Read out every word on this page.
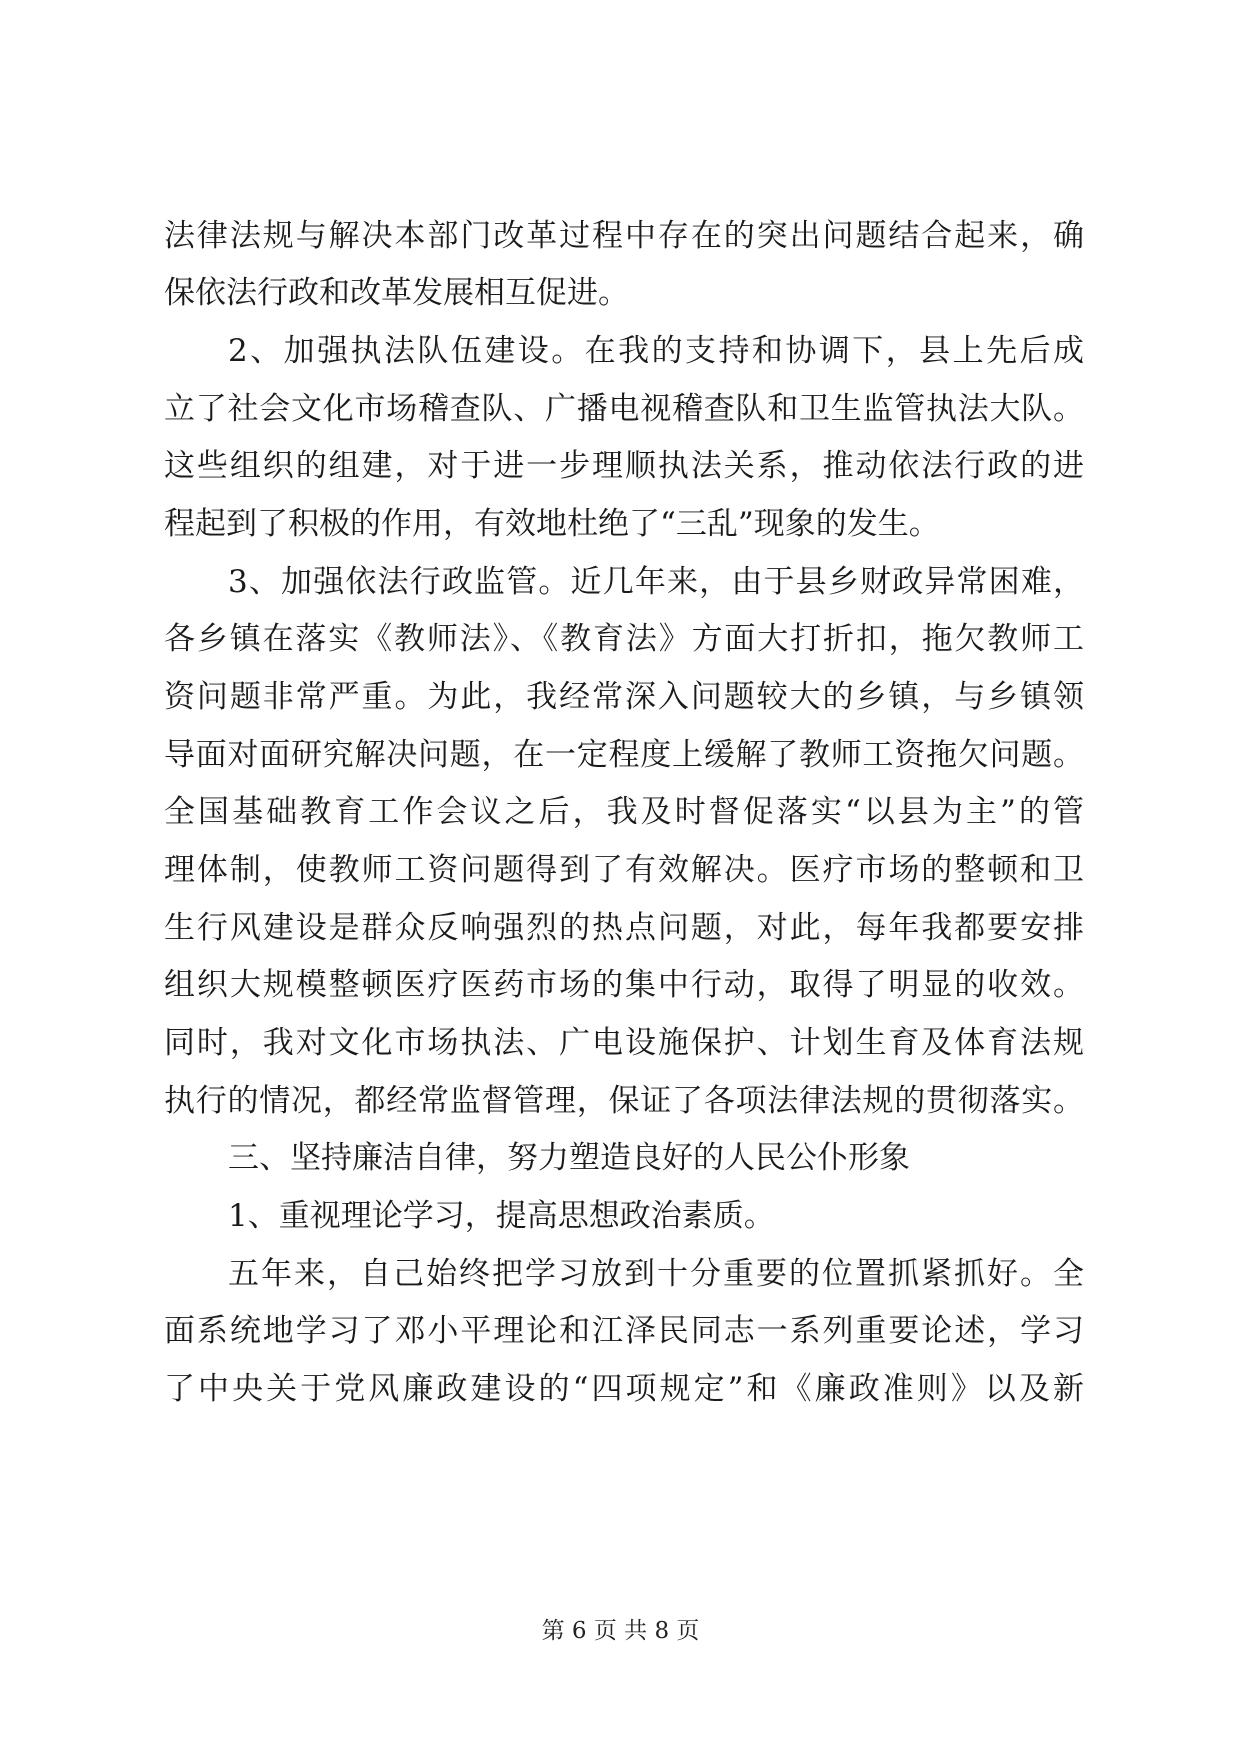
法律法规与解决本部门改革过程中存在的突出问题结合起来，确
保依法行政和改革发展相互促进。
2、加强执法队伍建设。在我的支持和协调下，县上先后成
立了社会文化市场稽查队、广播电视稽查队和卫生监管执法大队。
这些组织的组建，对于进一步理顺执法关系，推动依法行政的进
程起到了积极的作用，有效地杜绝了“三乱”现象的发生。
3、加强依法行政监管。近几年来，由于县乡财政异常困难，
各乡镇在落实《教师法》、《教育法》方面大打折扣，拖欠教师工
资问题非常严重。为此，我经常深入问题较大的乡镇，与乡镇领
导面对面研究解决问题，在一定程度上缓解了教师工资拖欠问题。
全国基础教育工作会议之后，我及时督促落实“以县为主”的管
理体制，使教师工资问题得到了有效解决。医疗市场的整顿和卫
生行风建设是群众反响强烈的热点问题，对此，每年我都要安排
组织大规模整顿医疗医药市场的集中行动，取得了明显的收效。
同时，我对文化市场执法、广电设施保护、计划生育及体育法规
执行的情况，都经常监督管理，保证了各项法律法规的贯彻落实。
三、坚持廉洁自律，努力塑造良好的人民公仆形象
1、重视理论学习，提高思想政治素质。
五年来，自己始终把学习放到十分重要的位置抓紧抓好。全
面系统地学习了邓小平理论和江泽民同志一系列重要论述，学习
了中央关于党风廉政建设的“四项规定”和《廉政准则》以及新
第 6 页 共 8 页
